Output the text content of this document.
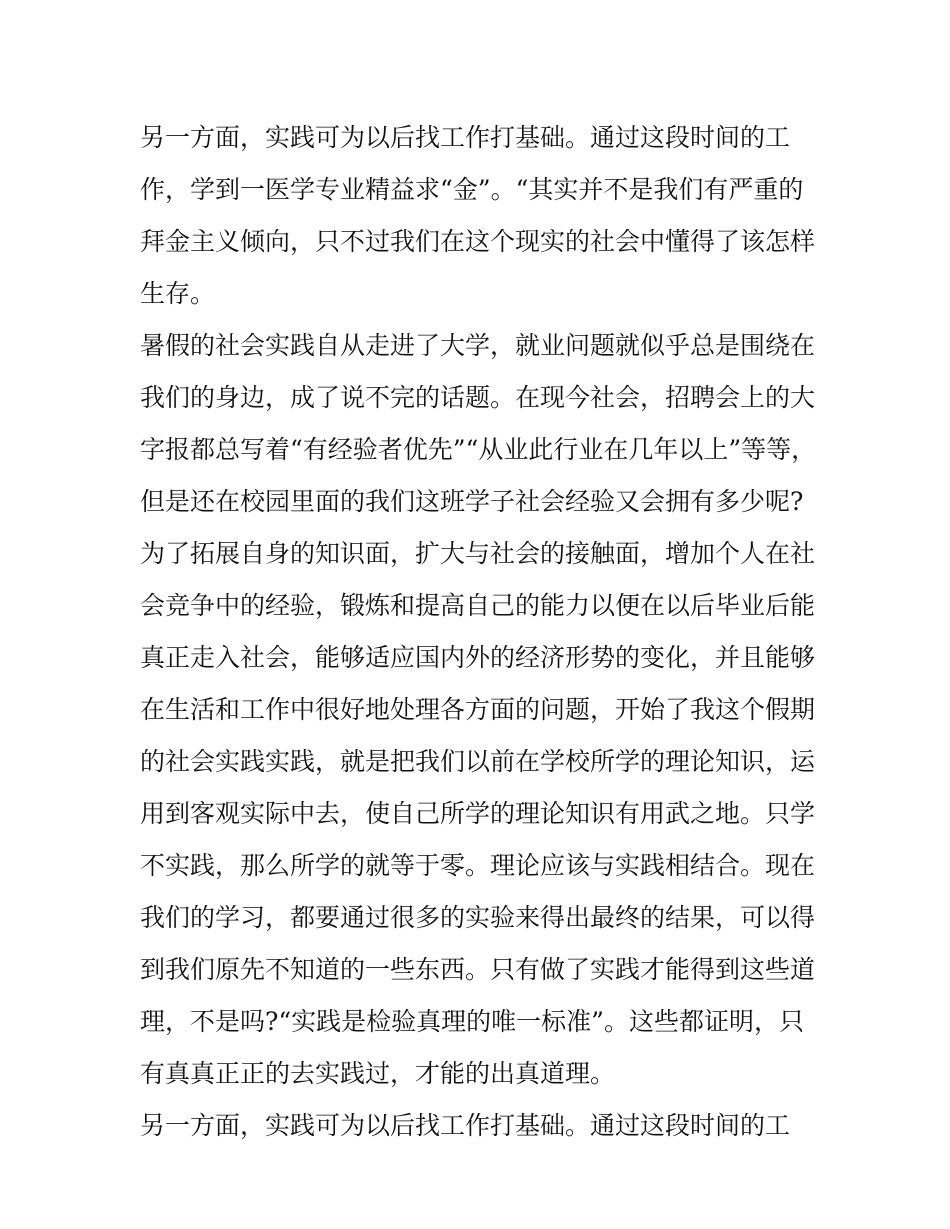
另一方面，实践可为以后找工作打基础。通过这段时间的工
作，学到一医学专业精益求“金”。“其实并不是我们有严重的
拜金主义倾向，只不过我们在这个现实的社会中懂得了该怎样
生存。
暑假的社会实践自从走进了大学，就业问题就似乎总是围绕在
我们的身边，成了说不完的话题。在现今社会，招聘会上的大
字报都总写着“有经验者优先”“从业此行业在几年以上”等等，
但是还在校园里面的我们这班学子社会经验又会拥有多少呢?
为了拓展自身的知识面，扩大与社会的接触面，增加个人在社
会竞争中的经验，锻炼和提高自己的能力以便在以后毕业后能
真正走入社会，能够适应国内外的经济形势的变化，并且能够
在生活和工作中很好地处理各方面的问题，开始了我这个假期
的社会实践实践，就是把我们以前在学校所学的理论知识，运
用到客观实际中去，使自己所学的理论知识有用武之地。只学
不实践，那么所学的就等于零。理论应该与实践相结合。现在
我们的学习，都要通过很多的实验来得出最终的结果，可以得
到我们原先不知道的一些东西。只有做了实践才能得到这些道
理，不是吗?“实践是检验真理的唯一标准”。这些都证明，只
有真真正正的去实践过，才能的出真道理。
另一方面，实践可为以后找工作打基础。通过这段时间的工
